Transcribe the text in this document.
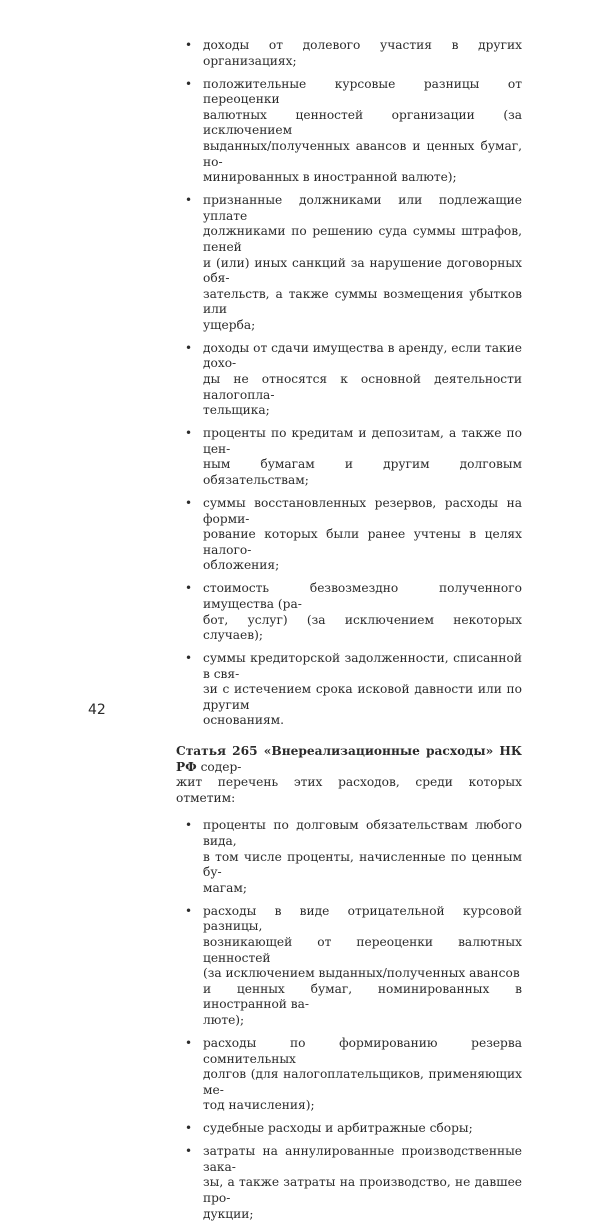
• доходы от долевого участия в других организациях;
• положительные курсовые разницы от переоценки
валютных ценностей организации (за исключением
выданных/полученных авансов и ценных бумаг, но-
минированных в иностранной валюте);
• признанные должниками или подлежащие уплате
должниками по решению суда суммы штрафов, пеней
и (или) иных санкций за нарушение договорных обя-
зательств, а также суммы возмещения убытков или
ущерба;
• доходы от сдачи имущества в аренду, если такие дохо-
ды не относятся к основной деятельности налогопла-
тельщика;
• проценты по кредитам и депозитам, а также по цен-
ным бумагам и другим долговым обязательствам;
• суммы восстановленных резервов, расходы на форми-
рование которых были ранее учтены в целях налого-
обложения;
• стоимость безвозмездно полученного имущества (ра-
бот, услуг) (за исключением некоторых случаев);
• суммы кредиторской задолженности, списанной в свя-
зи с истечением срока исковой давности или по другим
основаниям.

Статья 265 «Внереализационные расходы» НК РФ содер-
жит перечень этих расходов, среди которых отметим:

• проценты по долговым обязательствам любого вида,
в том числе проценты, начисленные по ценным бу-
магам;
• расходы в виде отрицательной курсовой разницы,
возникающей от переоценки валютных ценностей
(за исключением выданных/полученных авансов
и ценных бумаг, номинированных в иностранной ва-
люте);
• расходы по формированию резерва сомнительных
долгов (для налогоплательщиков, применяющих ме-
тод начисления);
• судебные расходы и арбитражные сборы;
• затраты на аннулированные производственные зака-
зы, а также затраты на производство, не давшее про-
дукции;
42
